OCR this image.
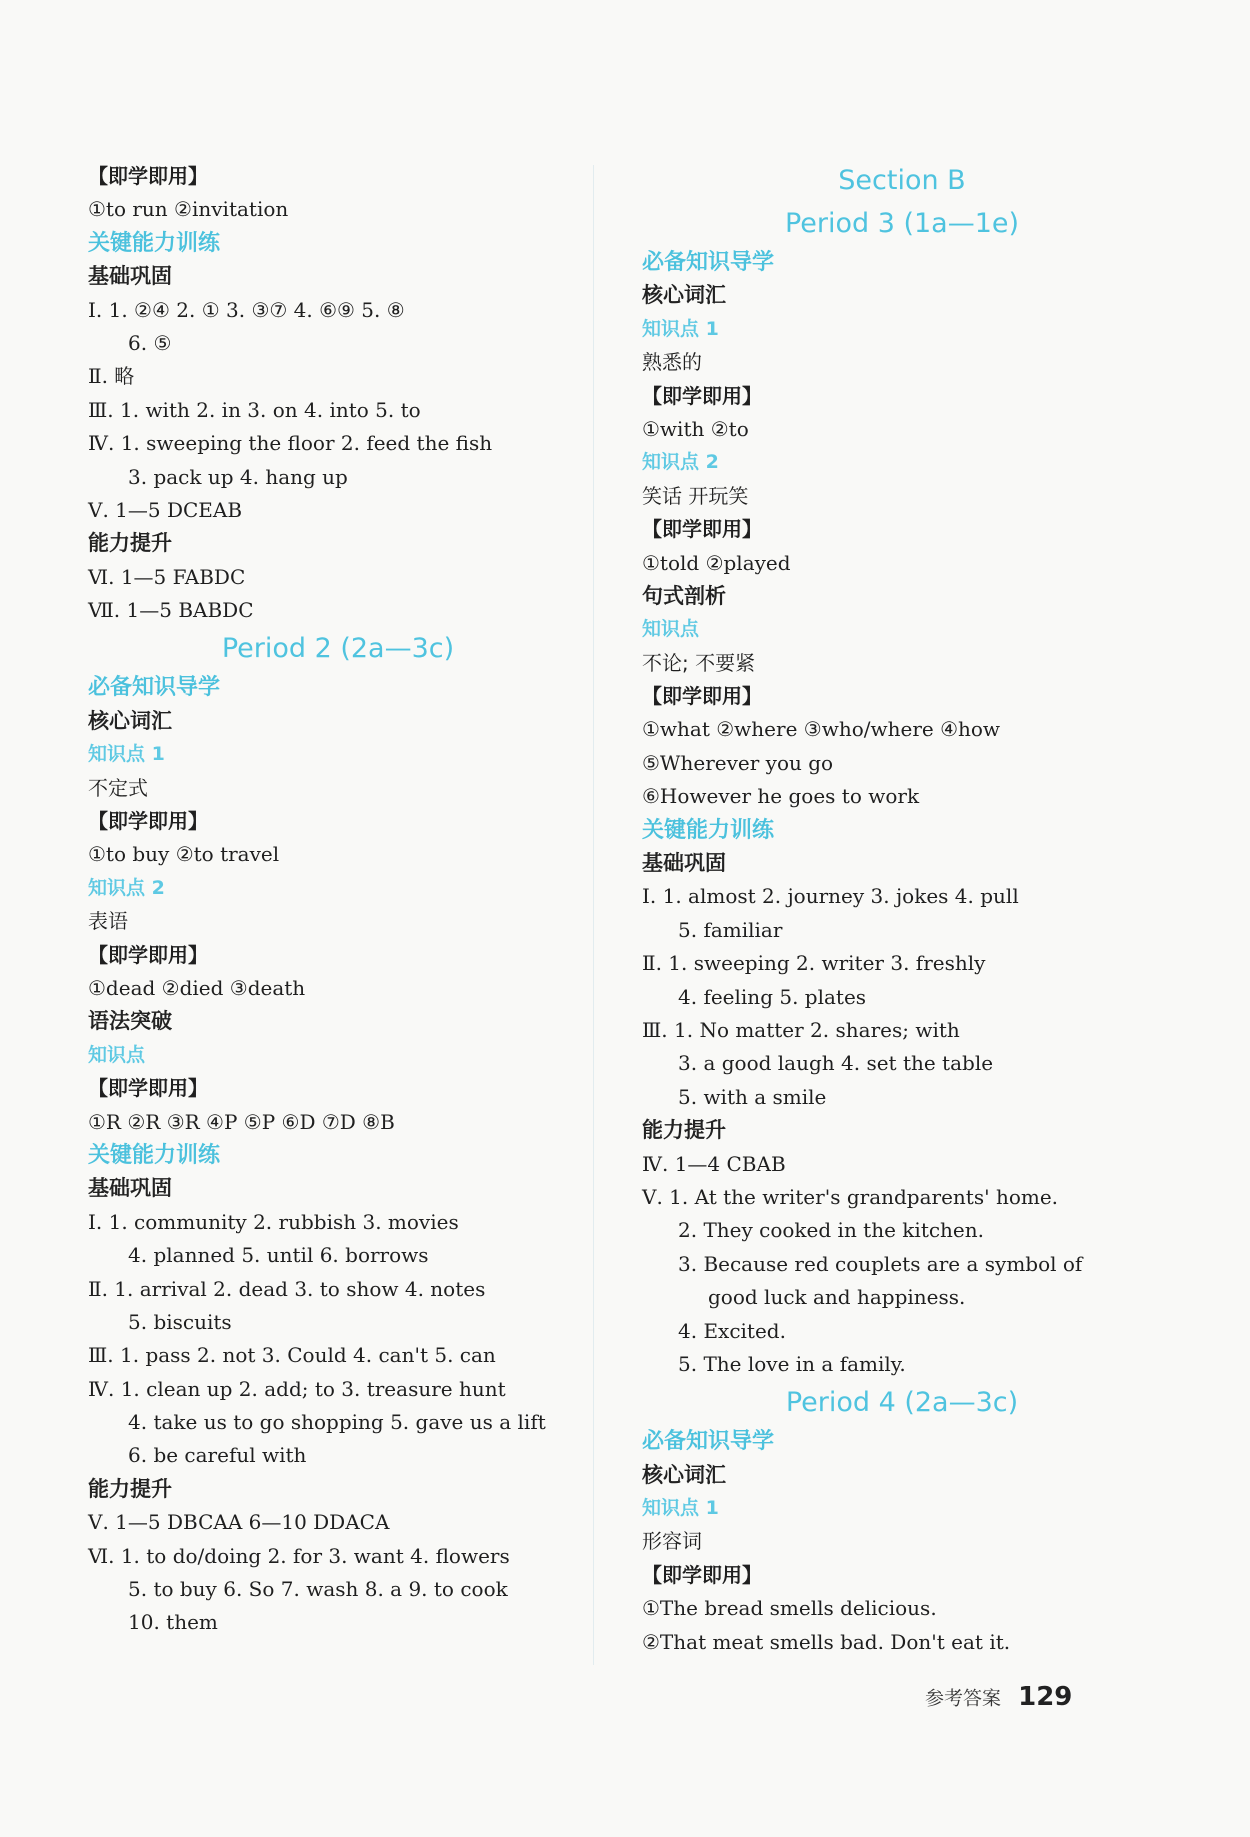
【即学即用】
①to run ②invitation
关键能力训练
基础巩固
Ⅰ. 1. ②④ 2. ① 3. ③⑦ 4. ⑥⑨ 5. ⑧
6. ⑤
Ⅱ. 略
Ⅲ. 1. with 2. in 3. on 4. into 5. to
Ⅳ. 1. sweeping the floor 2. feed the fish
3. pack up 4. hang up
Ⅴ. 1—5 DCEAB
能力提升
Ⅵ. 1—5 FABDC
Ⅶ. 1—5 BABDC
Period 2 (2a—3c)
必备知识导学
核心词汇
知识点 1
不定式
【即学即用】
①to buy ②to travel
知识点 2
表语
【即学即用】
①dead ②died ③death
语法突破
知识点
【即学即用】
①R ②R ③R ④P ⑤P ⑥D ⑦D ⑧B
关键能力训练
基础巩固
Ⅰ. 1. community 2. rubbish 3. movies
4. planned 5. until 6. borrows
Ⅱ. 1. arrival 2. dead 3. to show 4. notes
5. biscuits
Ⅲ. 1. pass 2. not 3. Could 4. can't 5. can
Ⅳ. 1. clean up 2. add; to 3. treasure hunt
4. take us to go shopping 5. gave us a lift
6. be careful with
能力提升
Ⅴ. 1—5 DBCAA 6—10 DDACA
Ⅵ. 1. to do/doing 2. for 3. want 4. flowers
5. to buy 6. So 7. wash 8. a 9. to cook
10. them
Section B
Period 3 (1a—1e)
必备知识导学
核心词汇
知识点 1
熟悉的
【即学即用】
①with ②to
知识点 2
笑话 开玩笑
【即学即用】
①told ②played
句式剖析
知识点
不论; 不要紧
【即学即用】
①what ②where ③who/where ④how
⑤Wherever you go
⑥However he goes to work
关键能力训练
基础巩固
Ⅰ. 1. almost 2. journey 3. jokes 4. pull
5. familiar
Ⅱ. 1. sweeping 2. writer 3. freshly
4. feeling 5. plates
Ⅲ. 1. No matter 2. shares; with
3. a good laugh 4. set the table
5. with a smile
能力提升
Ⅳ. 1—4 CBAB
Ⅴ. 1. At the writer's grandparents' home.
2. They cooked in the kitchen.
3. Because red couplets are a symbol of
good luck and happiness.
4. Excited.
5. The love in a family.
Period 4 (2a—3c)
必备知识导学
核心词汇
知识点 1
形容词
【即学即用】
①The bread smells delicious.
②That meat smells bad. Don't eat it.
参考答案 129
